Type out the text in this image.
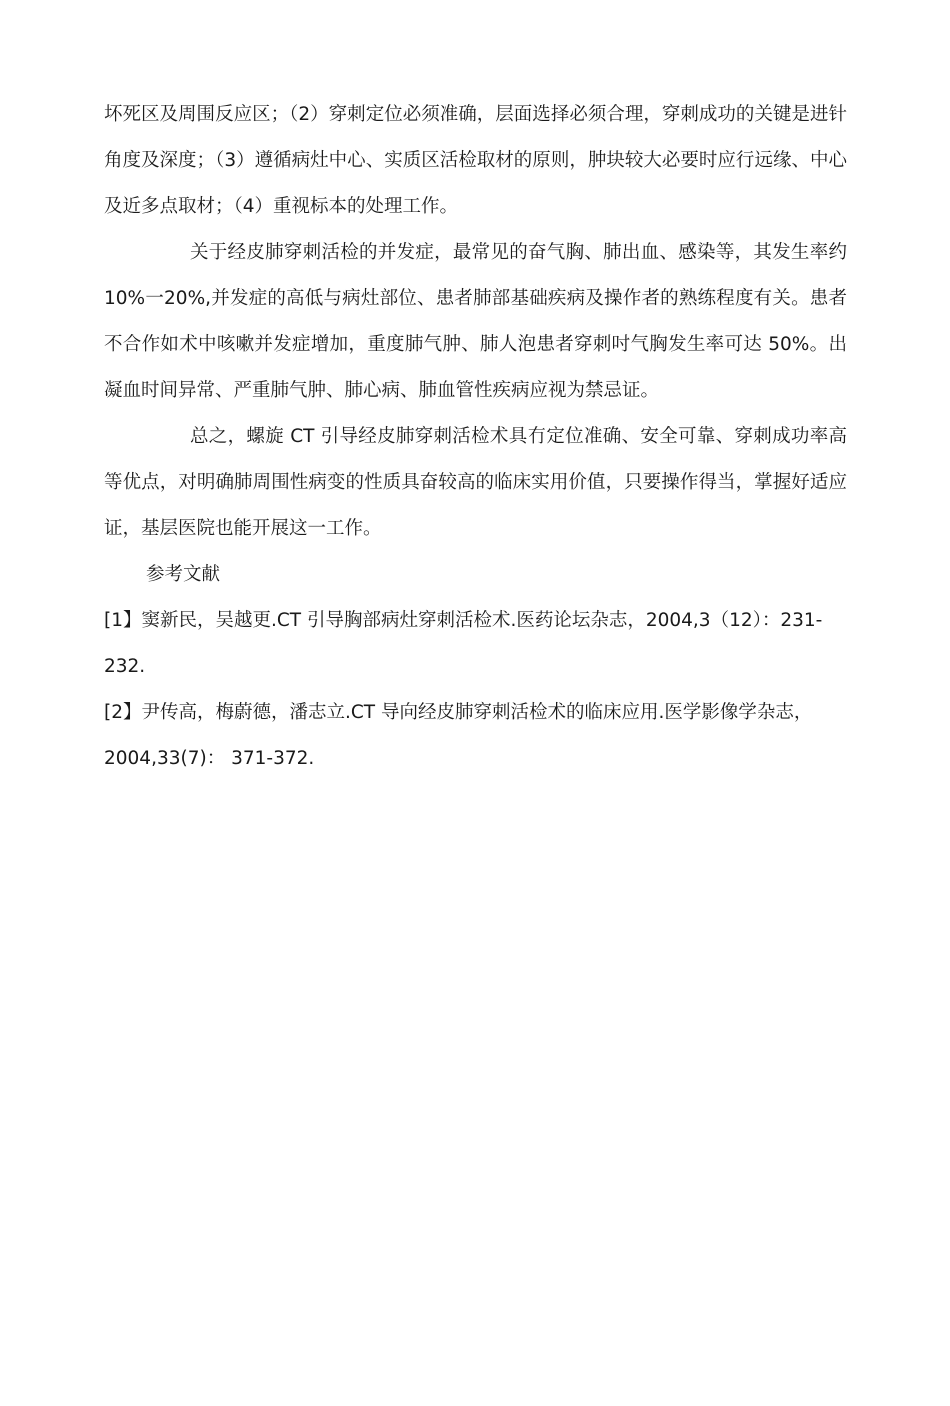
坏死区及周围反应区；（2）穿刺定位必须准确，层面选择必须合理，穿刺成功的关键是进针角度及深度；（3）遵循病灶中心、实质区活检取材的原则，肿块较大必要时应行远缘、中心及近多点取材；（4）重视标本的处理工作。

关于经皮肺穿刺活检的并发症，最常见的奋气胸、肺出血、感染等，其发生率约 10%一20%,并发症的高低与病灶部位、患者肺部基础疾病及操作者的熟练程度有关。患者不合作如术中咳嗽并发症增加，重度肺气肿、肺人泡患者穿刺吋气胸发生率可达 50%。出凝血时间异常、严重肺气肿、肺心病、肺血管性疾病应视为禁忌证。

总之，螺旋 CT 引导经皮肺穿刺活检术具冇定位准确、安全可靠、穿刺成功率高等优点，对明确肺周围性病变的性质具奋较高的临床实用价值，只要操作得当，掌握好适应证，基层医院也能开展这一工作。

参考文献

[1】窦新民，吴越更.CT 引导胸部病灶穿刺活检术.医药论坛杂志，2004,3（12）：231-232.

[2】尹传高，梅蔚德，潘志立.CT 导向经皮肺穿刺活检术的临床应用.医学影像学杂志，2004,33(7)： 371-372.
